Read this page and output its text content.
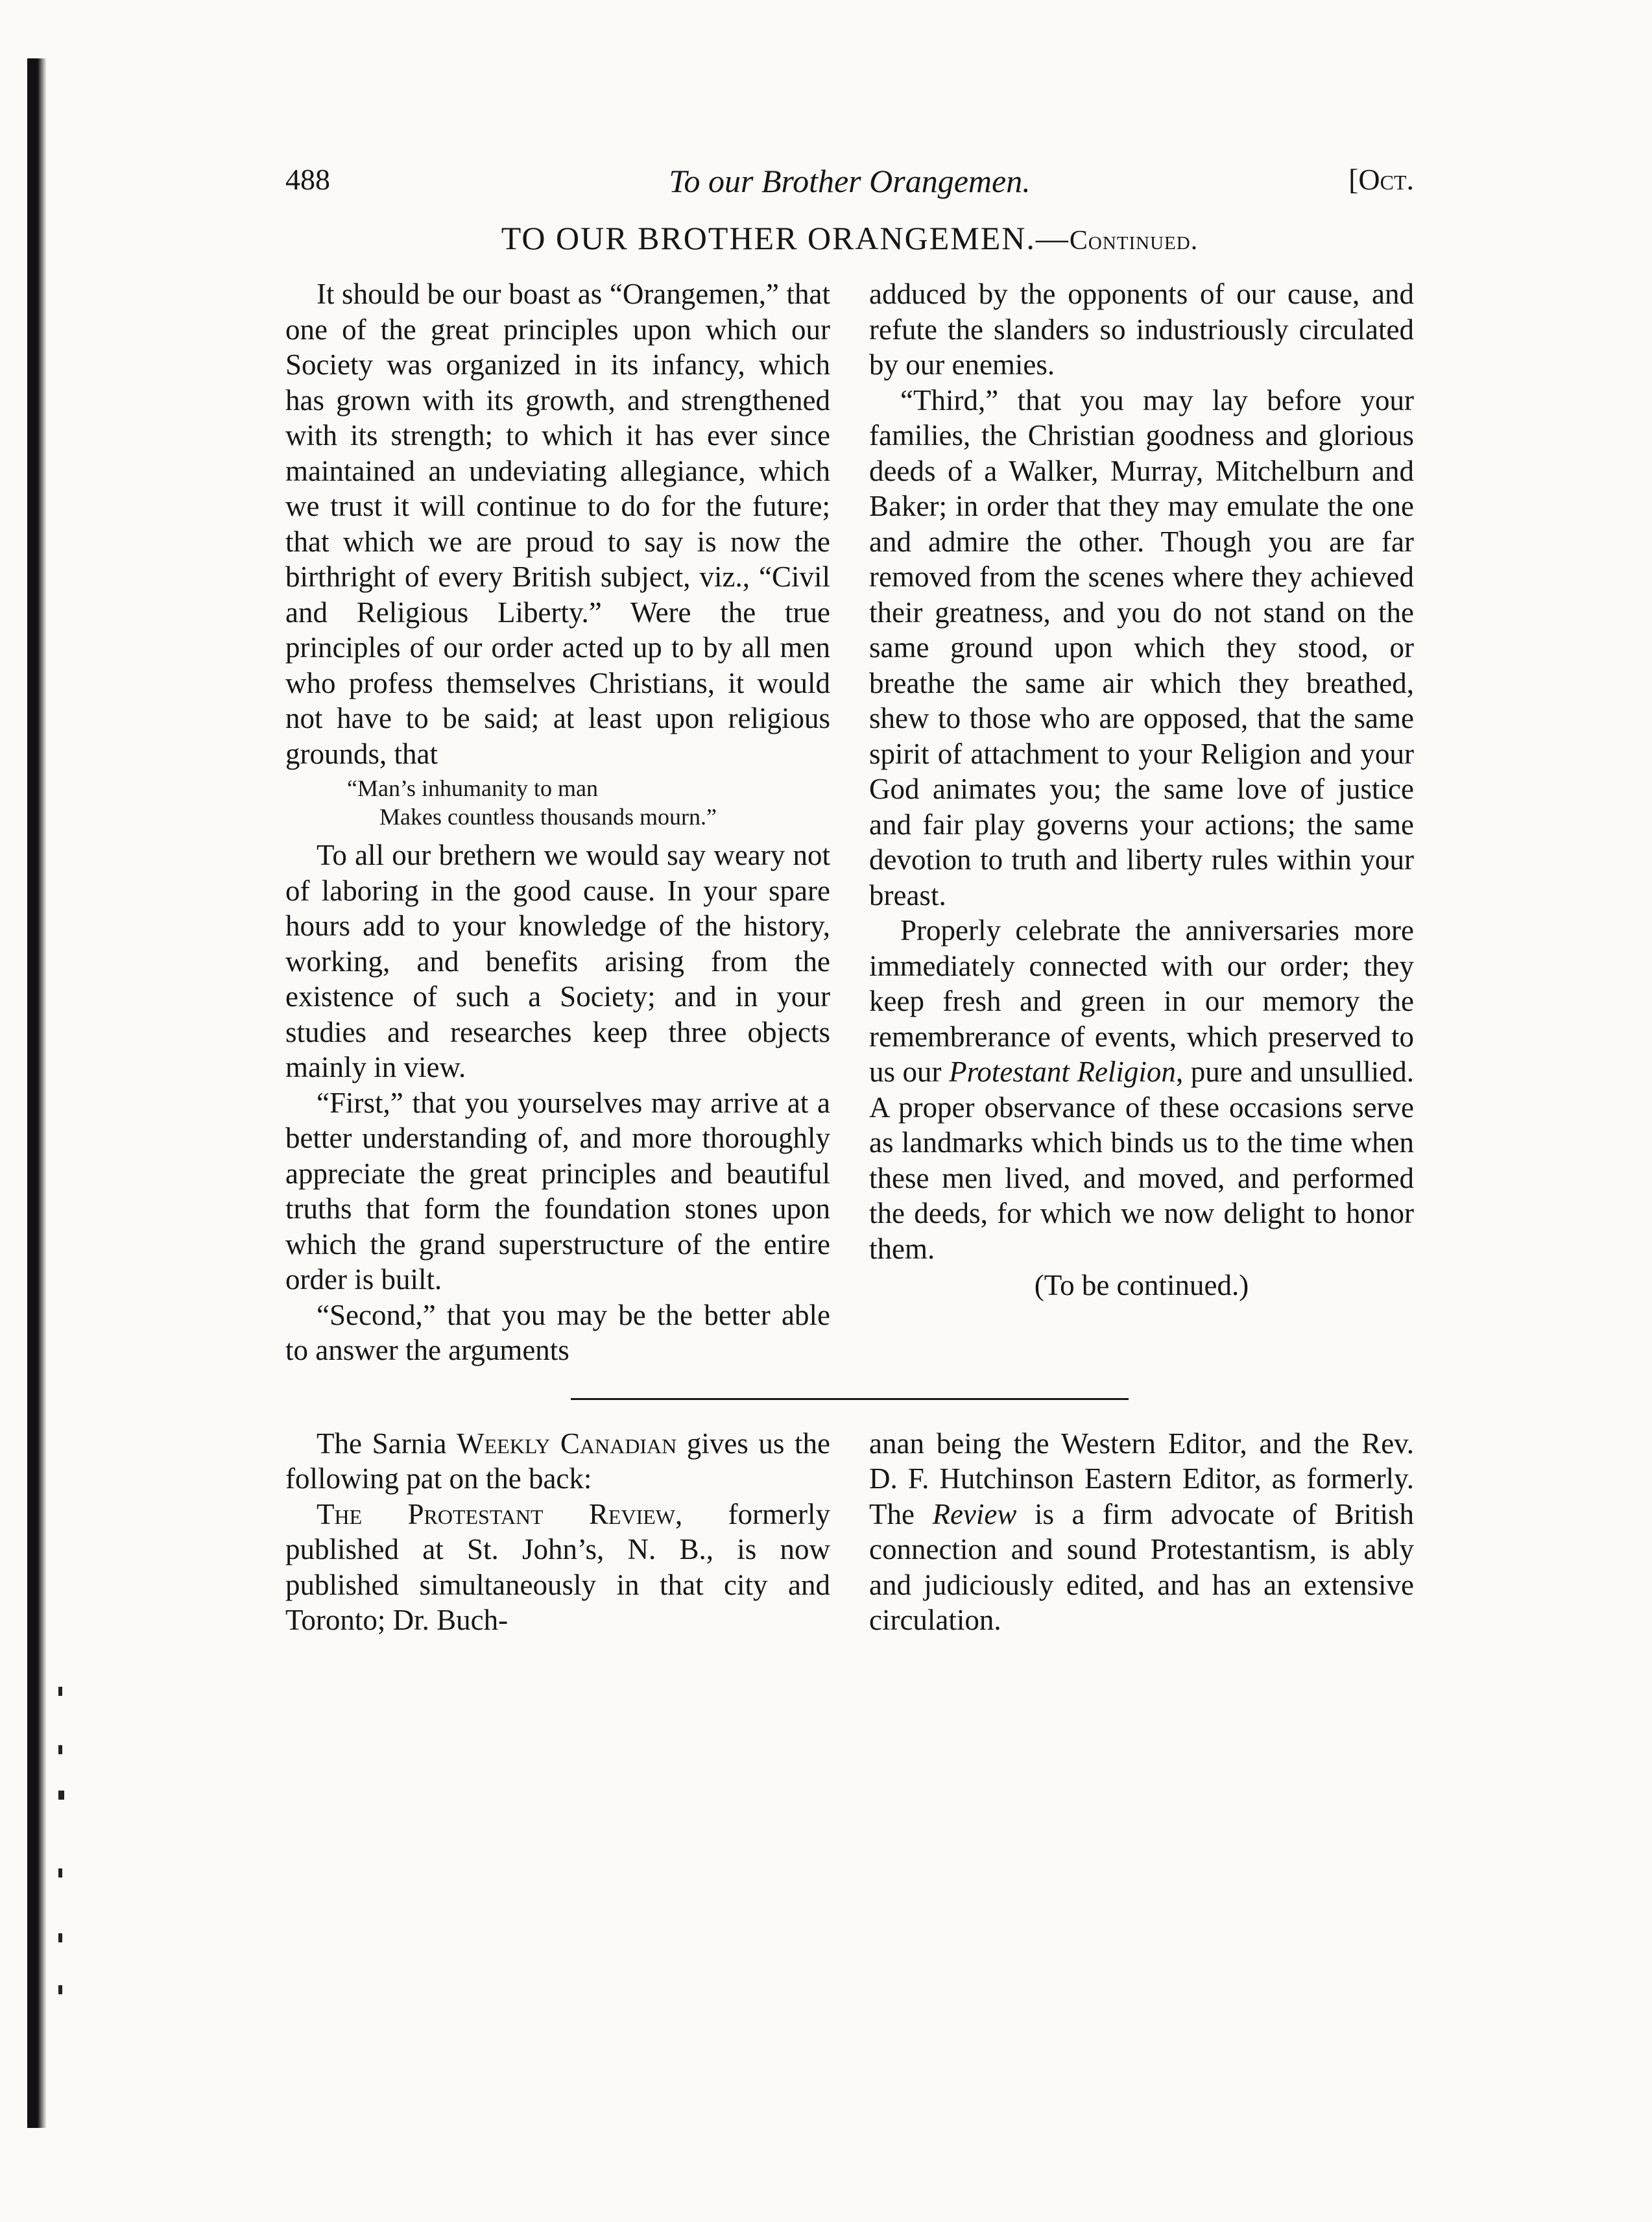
488	To our Brother Orangemen.	[Oct.
TO OUR BROTHER ORANGEMEN.—Continued.

It should be our boast as “Orangemen,” that one of the great principles upon which our Society was organized in its infancy, which has grown with its growth, and strengthened with its strength; to which it has ever since maintained an undeviating allegiance, which we trust it will continue to do for the future; that which we are proud to say is now the birthright of every British subject, viz., “Civil and Religious Liberty.” Were the true principles of our order acted up to by all men who profess themselves Christians, it would not have to be said; at least upon religious grounds, that

“Man’s inhumanity to man
Makes countless thousands mourn.”

To all our brethern we would say weary not of laboring in the good cause. In your spare hours add to your knowledge of the history, working, and benefits arising from the existence of such a Society; and in your studies and researches keep three objects mainly in view.

“First,” that you yourselves may arrive at a better understanding of, and more thoroughly appreciate the great principles and beautiful truths that form the foundation stones upon which the grand superstructure of the entire order is built.

“Second,” that you may be the better able to answer the arguments

adduced by the opponents of our cause, and refute the slanders so industriously circulated by our enemies.

“Third,” that you may lay before your families, the Christian goodness and glorious deeds of a Walker, Murray, Mitchelburn and Baker; in order that they may emulate the one and admire the other. Though you are far removed from the scenes where they achieved their greatness, and you do not stand on the same ground upon which they stood, or breathe the same air which they breathed, shew to those who are opposed, that the same spirit of attachment to your Religion and your God animates you; the same love of justice and fair play governs your actions; the same devotion to truth and liberty rules within your breast.

Properly celebrate the anniversaries more immediately connected with our order; they keep fresh and green in our memory the remembrerance of events, which preserved to us our Protestant Religion, pure and unsullied. A proper observance of these occasions serve as landmarks which binds us to the time when these men lived, and moved, and performed the deeds, for which we now delight to honor them.

(To be continued.)

The Sarnia Weekly Canadian gives us the following pat on the back:

The Protestant Review, formerly published at St. John’s, N. B., is now published simultaneously in that city and Toronto; Dr. Buch-

anan being the Western Editor, and the Rev. D. F. Hutchinson Eastern Editor, as formerly. The Review is a firm advocate of British connection and sound Protestantism, is ably and judiciously edited, and has an extensive circulation.
